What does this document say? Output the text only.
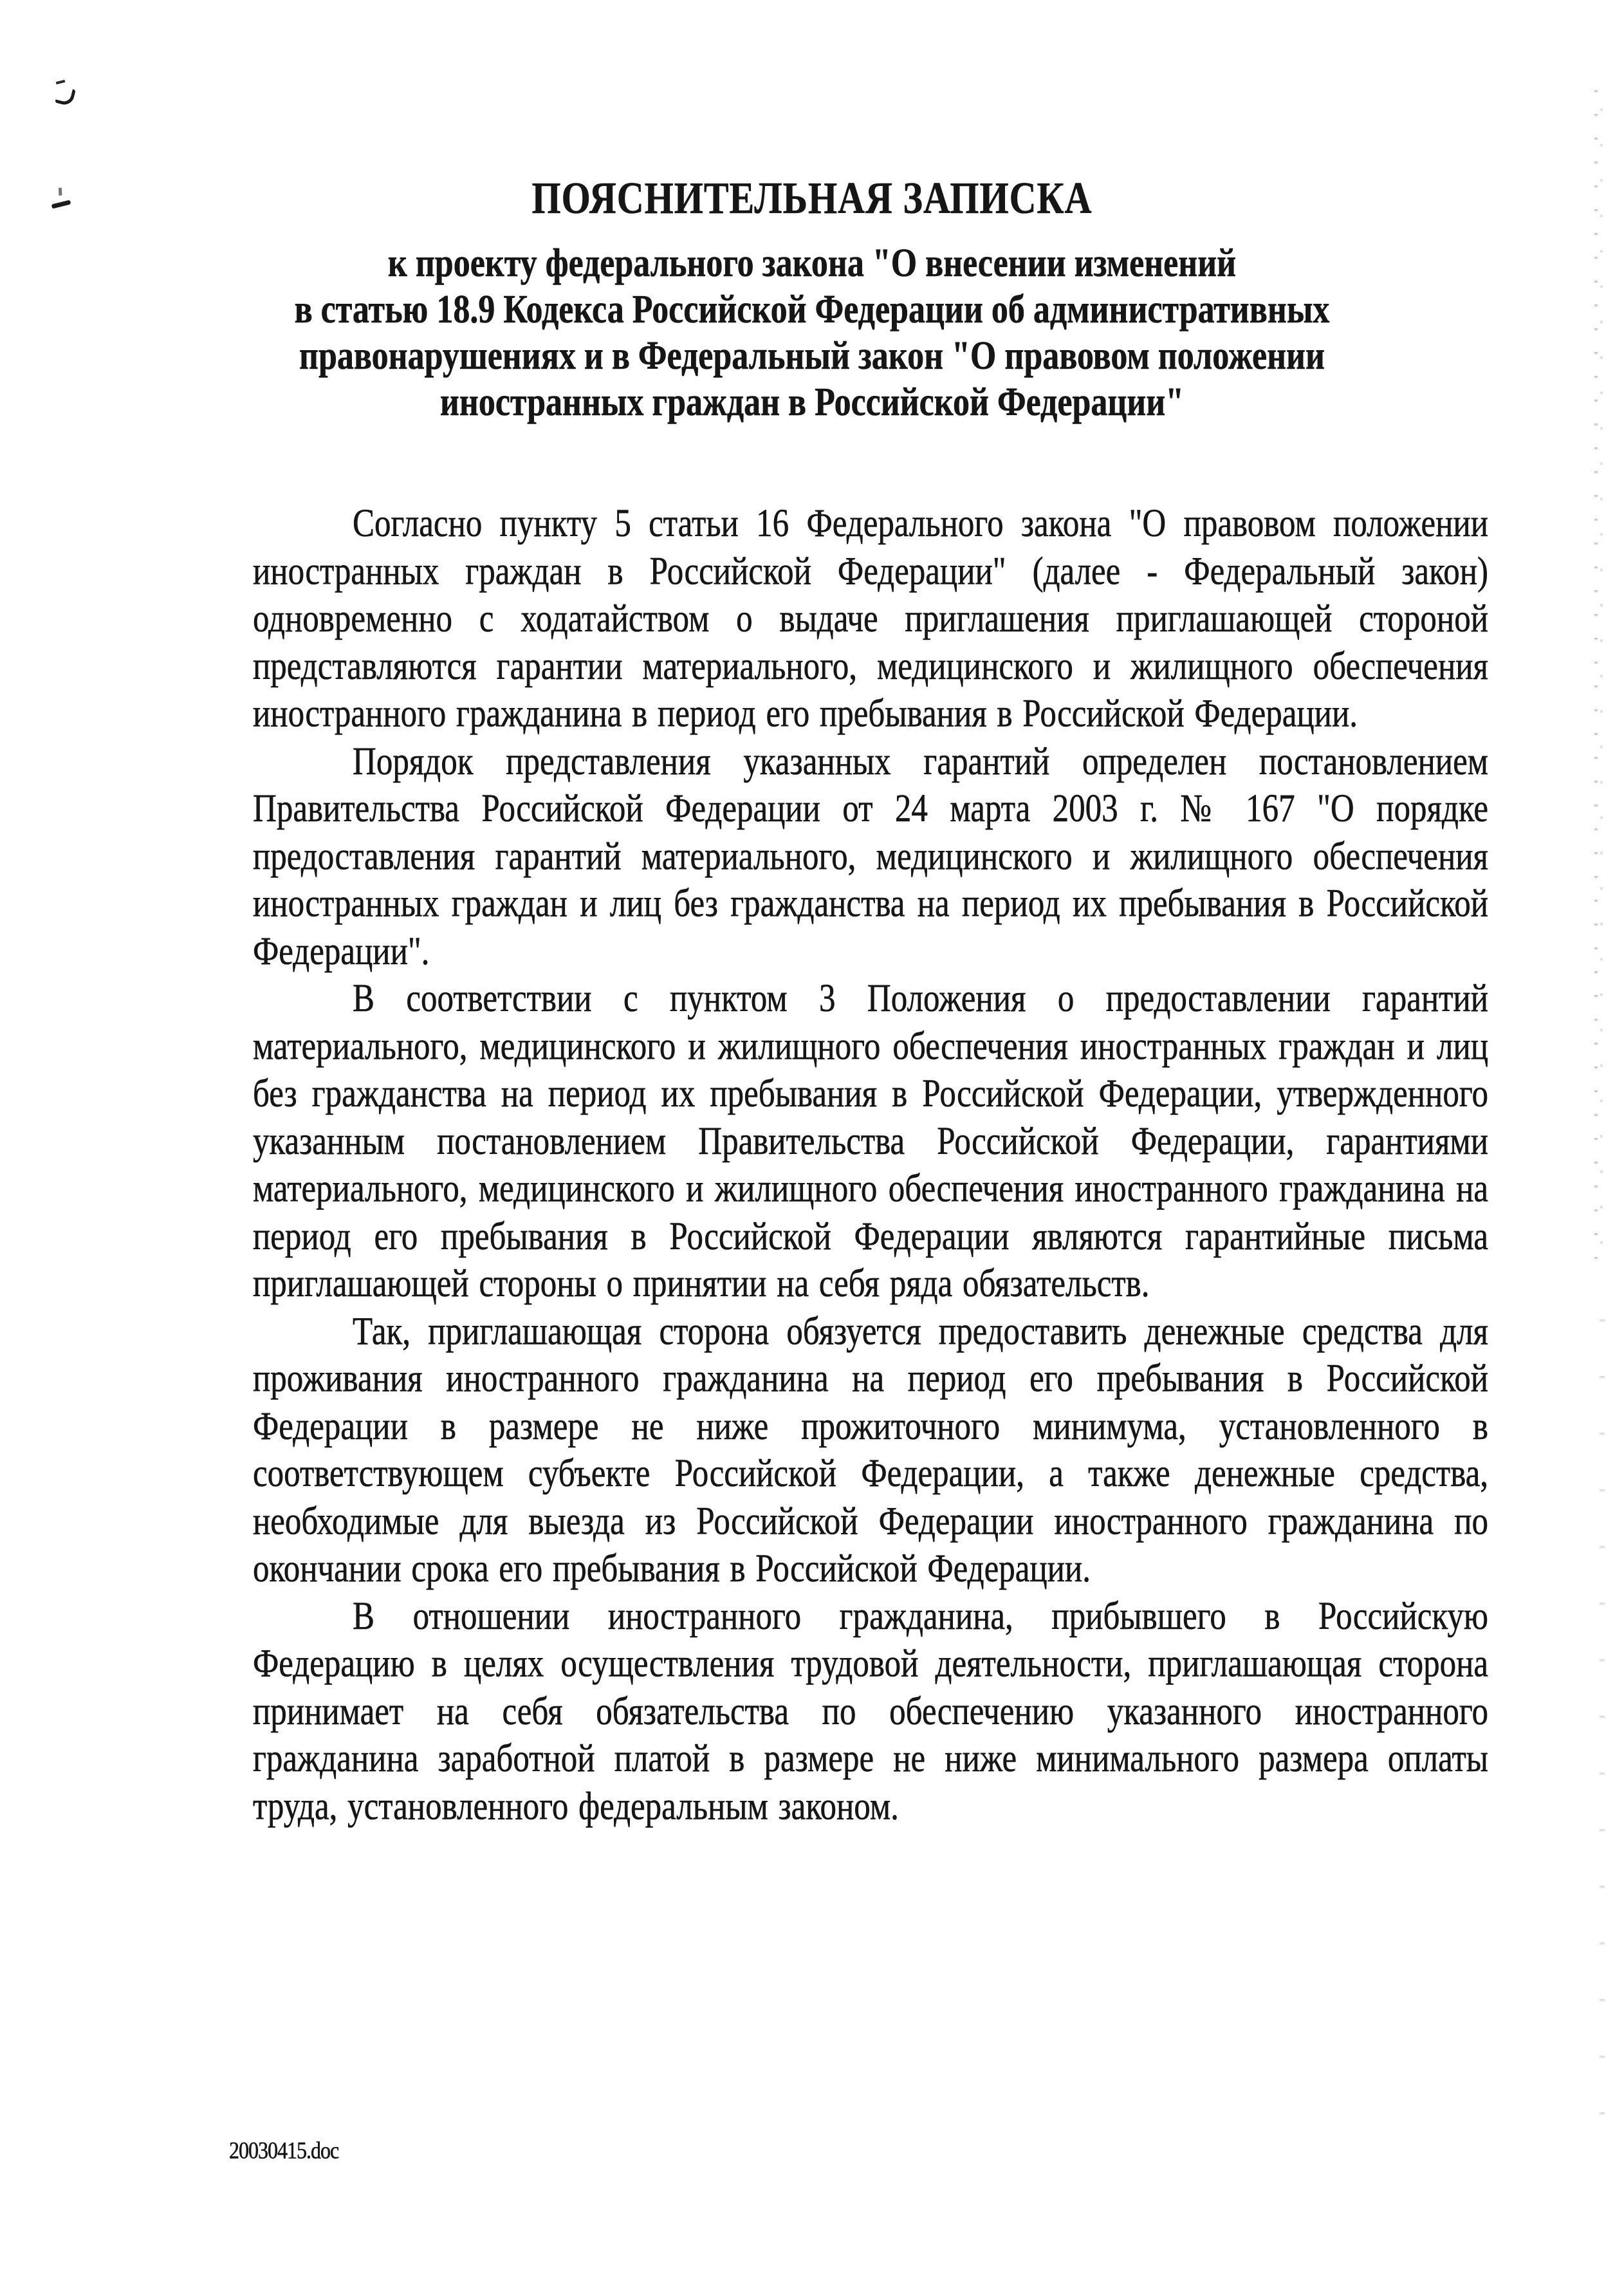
ПОЯСНИТЕЛЬНАЯ ЗАПИСКА
к проекту федерального закона "О внесении изменений
в статью 18.9 Кодекса Российской Федерации об административных
правонарушениях и в Федеральный закон "О правовом положении
иностранных граждан в Российской Федерации"

Согласно пункту 5 статьи 16 Федерального закона "О правовом положении иностранных граждан в Российской Федерации" (далее - Федеральный закон) одновременно с ходатайством о выдаче приглашения приглашающей стороной представляются гарантии материального, медицинского и жилищного обеспечения иностранного гражданина в период его пребывания в Российской Федерации.

Порядок представления указанных гарантий определен постановлением Правительства Российской Федерации от 24 марта 2003 г. № 167 "О порядке предоставления гарантий материального, медицинского и жилищного обеспечения иностранных граждан и лиц без гражданства на период их пребывания в Российской Федерации".

В соответствии с пунктом 3 Положения о предоставлении гарантий материального, медицинского и жилищного обеспечения иностранных граждан и лиц без гражданства на период их пребывания в Российской Федерации, утвержденного указанным постановлением Правительства Российской Федерации, гарантиями материального, медицинского и жилищного обеспечения иностранного гражданина на период его пребывания в Российской Федерации являются гарантийные письма приглашающей стороны о принятии на себя ряда обязательств.

Так, приглашающая сторона обязуется предоставить денежные средства для проживания иностранного гражданина на период его пребывания в Российской Федерации в размере не ниже прожиточного минимума, установленного в соответствующем субъекте Российской Федерации, а также денежные средства, необходимые для выезда из Российской Федерации иностранного гражданина по окончании срока его пребывания в Российской Федерации.

В отношении иностранного гражданина, прибывшего в Российскую Федерацию в целях осуществления трудовой деятельности, приглашающая сторона принимает на себя обязательства по обеспечению указанного иностранного гражданина заработной платой в размере не ниже минимального размера оплаты труда, установленного федеральным законом.

20030415.doc
